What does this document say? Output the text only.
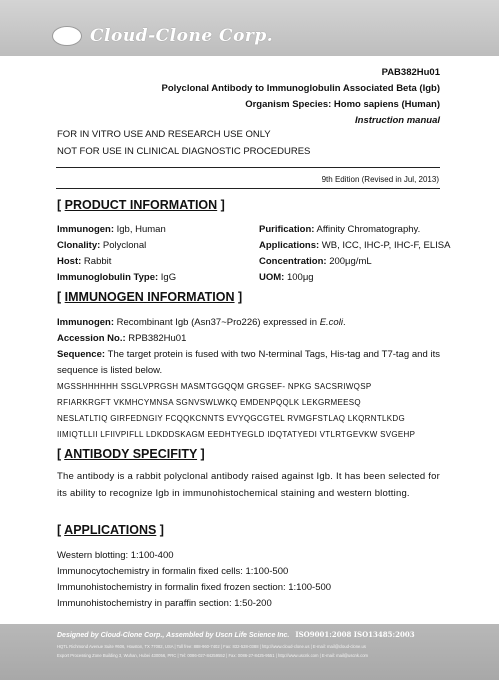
Cloud-Clone Corp.
PAB382Hu01
Polyclonal Antibody to Immunoglobulin Associated Beta (Igb)
Organism Species: Homo sapiens (Human)
Instruction manual
FOR IN VITRO USE AND RESEARCH USE ONLY
NOT FOR USE IN CLINICAL DIAGNOSTIC PROCEDURES
9th Edition (Revised in Jul, 2013)
[ PRODUCT INFORMATION ]
Immunogen: Igb, Human
Clonality: Polyclonal
Host: Rabbit
Immunoglobulin Type: IgG
Purification: Affinity Chromatography.
Applications: WB, ICC, IHC-P, IHC-F, ELISA
Concentration: 200μg/mL
UOM: 100μg
[ IMMUNOGEN INFORMATION ]
Immunogen: Recombinant Igb (Asn37~Pro226) expressed in E.coli.
Accession No.: RPB382Hu01
Sequence: The target protein is fused with two N-terminal Tags, His-tag and T7-tag and its sequence is listed below.
MGSSHHHHHH SSGLVPRGSH MASMTGGQQM GRGSEF- NPKG SACSRIWQSP
RFIARKRGFT VKMHCYMNSA SGNVSWLWKQ EMDENPQQLK LEKGRMEESQ
NESLATLTIQ GIRFEDNGIY FCQQKCNNTS EVYQGCGTEL RVMGFSTLAQ LKQRNTLKDG
IIMIQTLLII LFIIVPIFLL LDKDDSKAGM EEDHTYEGLD IDQTATYEDI VTLRTGEVKW SVGEHP
[ ANTIBODY SPECIFITY ]
The antibody is a rabbit polyclonal antibody raised against Igb. It has been selected for its ability to recognize Igb in immunohistochemical staining and western blotting.
[ APPLICATIONS ]
Western blotting: 1:100-400
Immunocytochemistry in formalin fixed cells: 1:100-500
Immunohistochemistry in formalin fixed frozen section: 1:100-500
Immunohistochemistry in paraffin section: 1:50-200
Designed by Cloud-Clone Corp., Assembled by Uscn Life Science Inc. ISO9001:2008 ISO13485:2003
HQTL Richmond Avenue Suite #606, Houston, TX 77082, USA | Toll free: 888-960-7402 | Fax: 832-538-0388 | http://www.cloud-clone.us | E-mail: mail@cloud-clone.us
Export Processing Zone Building 3, Wuhan, Hubei 430056, PRC | Tel: 0086-027-84259552 | Fax: 0086-27-8425-9551 | http://www.uscnk.com | E-mail: mail@uscnk.com
